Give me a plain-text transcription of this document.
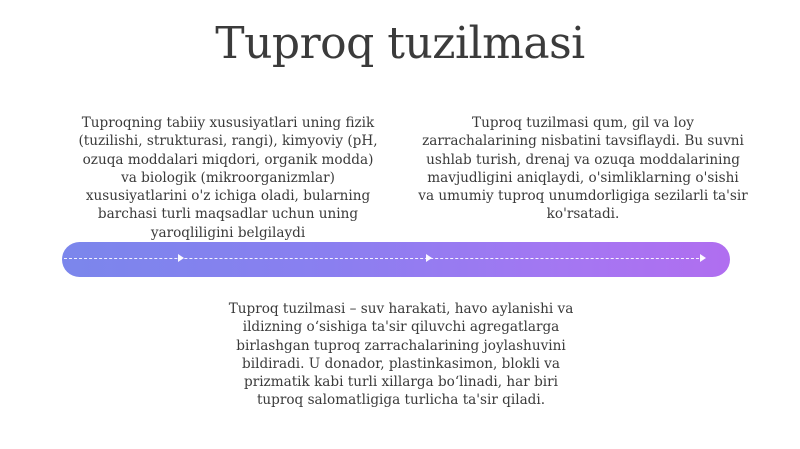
Tuproq tuzilmasi
Tuproqning tabiiy xususiyatlari uning fizik (tuzilishi, strukturasi, rangi), kimyoviy (pH, ozuqa moddalari miqdori, organik modda) va biologik (mikroorganizmlar) xususiyatlarini o'z ichiga oladi, bularning barchasi turli maqsadlar uchun uning yaroqliligini belgilaydi
Tuproq tuzilmasi qum, gil va loy zarrachalarining nisbatini tavsiflaydi. Bu suvni ushlab turish, drenaj va ozuqa moddalarining mavjudligini aniqlaydi, o'simliklarning o'sishi va umumiy tuproq unumdorligiga sezilarli ta'sir ko'rsatadi.
Tuproq tuzilmasi – suv harakati, havo aylanishi va ildizning o‘sishiga ta'sir qiluvchi agregatlarga birlashgan tuproq zarrachalarining joylashuvini bildiradi. U donador, plastinkasimon, blokli va prizmatik kabi turli xillarga bo‘linadi, har biri tuproq salomatligiga turlicha ta'sir qiladi.
